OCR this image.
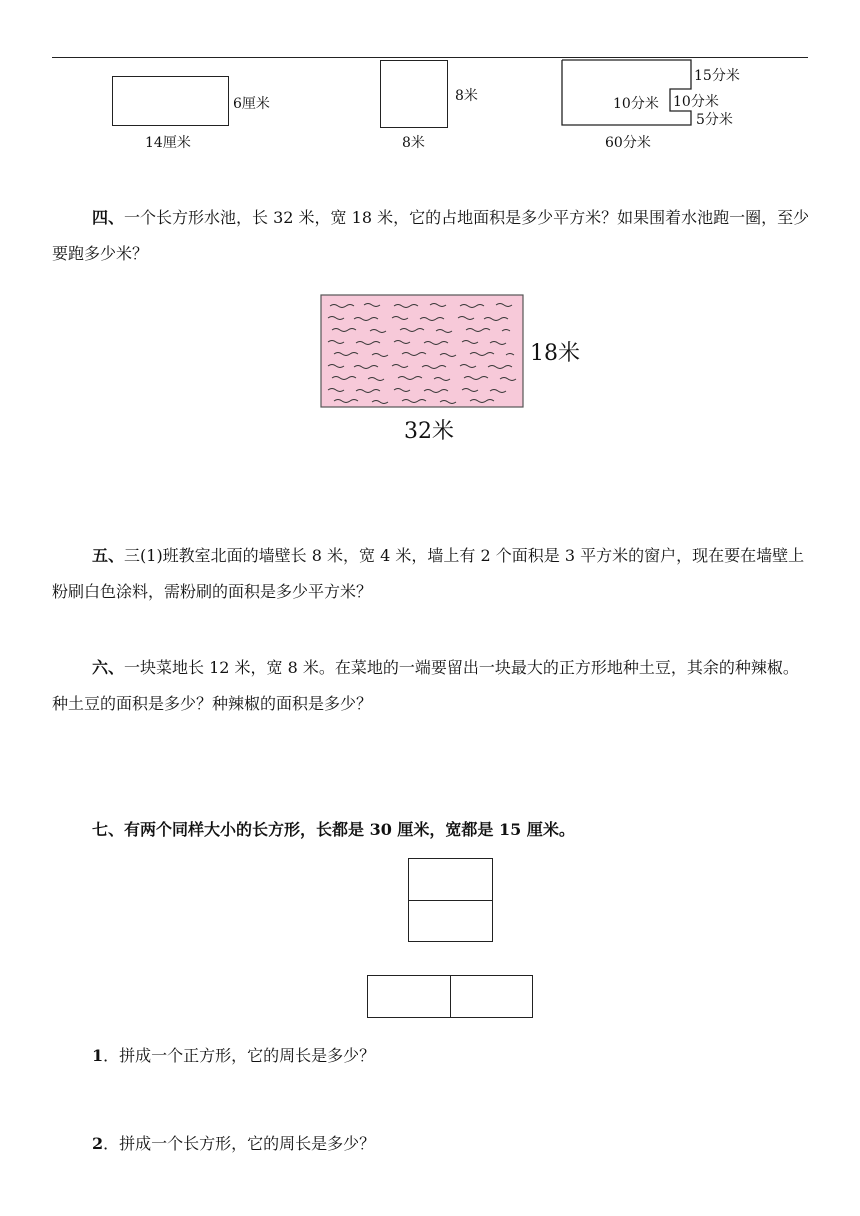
6厘米
14厘米
8米
8米
15分米
10分米 10分米
5分米
60分米
四、一个长方形水池，长 32 米，宽 18 米，它的占地面积是多少平方米？如果围着水池跑一圈，至少要跑多少米？
18米
32米
五、三(1)班教室北面的墙壁长 8 米，宽 4 米，墙上有 2 个面积是 3 平方米的窗户，现在要在墙壁上粉刷白色涂料，需粉刷的面积是多少平方米？
六、一块菜地长 12 米，宽 8 米。在菜地的一端要留出一块最大的正方形地种土豆，其余的种辣椒。种土豆的面积是多少？种辣椒的面积是多少？
七、有两个同样大小的长方形，长都是 30 厘米，宽都是 15 厘米。
1．拼成一个正方形，它的周长是多少？
2．拼成一个长方形，它的周长是多少？
